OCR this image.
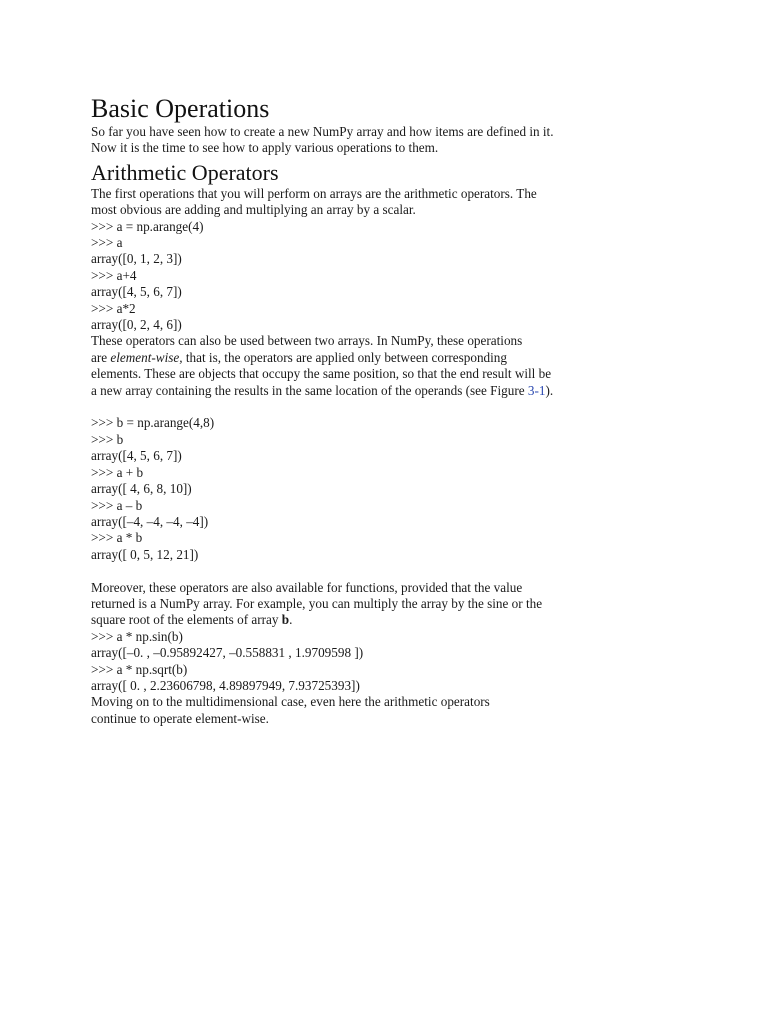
Basic Operations
So far you have seen how to create a new NumPy array and how items are defined in it.
Now it is the time to see how to apply various operations to them.
Arithmetic Operators
The first operations that you will perform on arrays are the arithmetic operators. The
most obvious are adding and multiplying an array by a scalar.
>>> a = np.arange(4)
>>> a
array([0, 1, 2, 3])
>>> a+4
array([4, 5, 6, 7])
>>> a*2
array([0, 2, 4, 6])
These operators can also be used between two arrays. In NumPy, these operations
are element-wise, that is, the operators are applied only between corresponding
elements. These are objects that occupy the same position, so that the end result will be
a new array containing the results in the same location of the operands (see Figure 3-1).
>>> b = np.arange(4,8)
>>> b
array([4, 5, 6, 7])
>>> a + b
array([ 4, 6, 8, 10])
>>> a – b
array([–4, –4, –4, –4])
>>> a * b
array([ 0, 5, 12, 21])
Moreover, these operators are also available for functions, provided that the value
returned is a NumPy array. For example, you can multiply the array by the sine or the
square root of the elements of array b.
>>> a * np.sin(b)
array([–0. , –0.95892427, –0.558831 , 1.9709598 ])
>>> a * np.sqrt(b)
array([ 0. , 2.23606798, 4.89897949, 7.93725393])
Moving on to the multidimensional case, even here the arithmetic operators
continue to operate element-wise.
